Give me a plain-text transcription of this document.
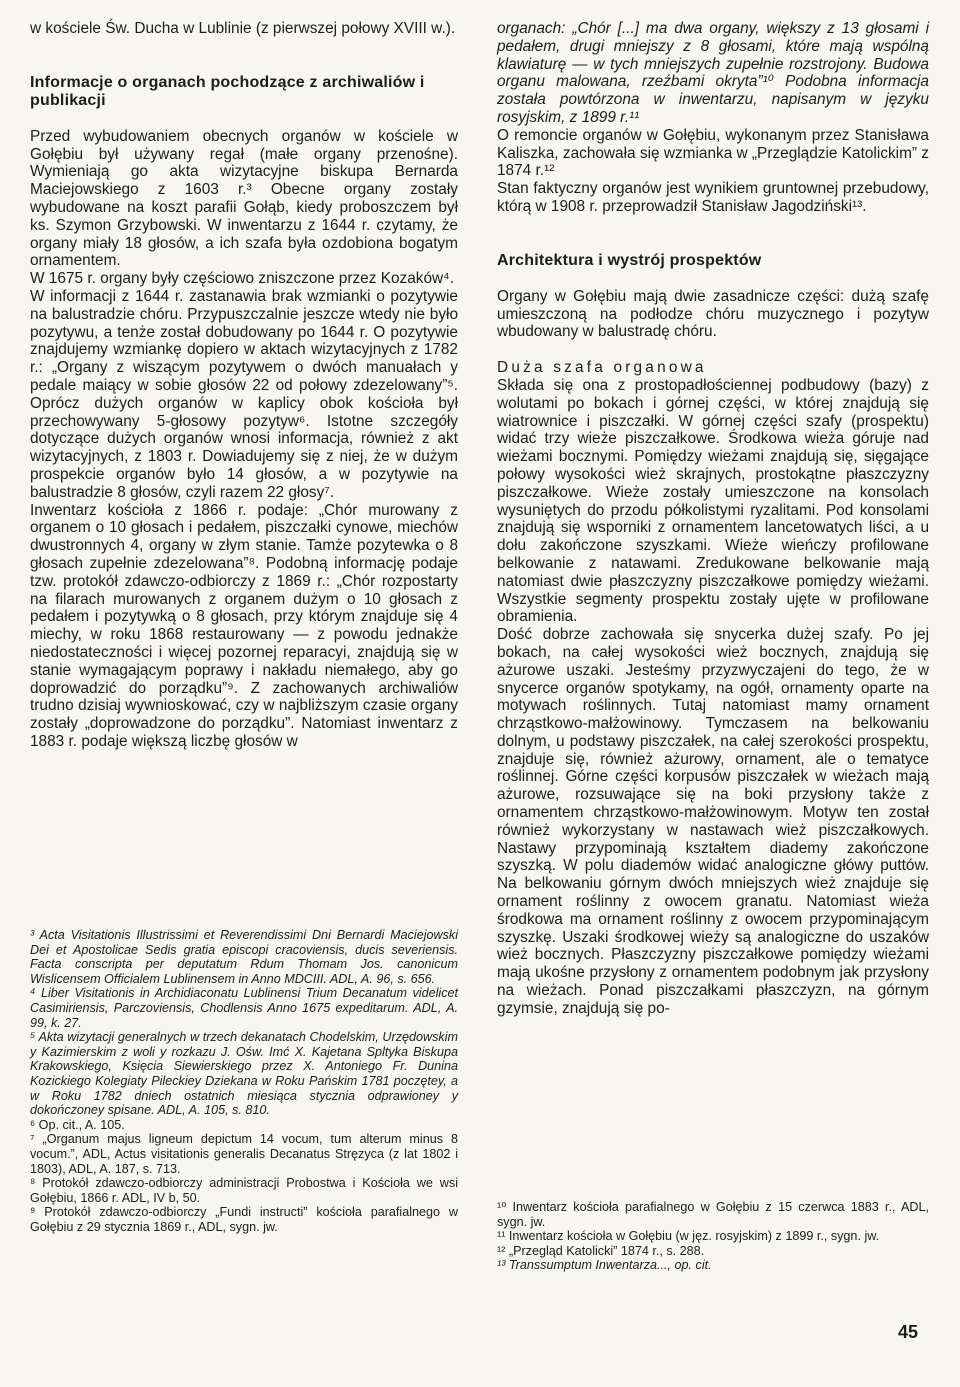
w kościele Św. Ducha w Lublinie (z pierwszej połowy XVIII w.).

Informacje o organach pochodzące z archiwaliów i publikacji

Przed wybudowaniem obecnych organów w kościele w Gołębiu był używany regał (małe organy przenośne). Wymieniają go akta wizytacyjne biskupa Bernarda Maciejowskiego z 1603 r.³ Obecne organy zostały wybudowane na koszt parafii Gołąb, kiedy proboszczem był ks. Szymon Grzybowski. W inwentarzu z 1644 r. czytamy, że organy miały 18 głosów, a ich szafa była ozdobiona bogatym ornamentem.

W 1675 r. organy były częściowo zniszczone przez Kozaków⁴.

W informacji z 1644 r. zastanawia brak wzmianki o pozytywie na balustradzie chóru. Przypuszczalnie jeszcze wtedy nie było pozytywu, a tenże został dobudowany po 1644 r. O pozytywie znajdujemy wzmiankę dopiero w aktach wizytacyjnych z 1782 r.: „Organy z wiszącym pozytywem o dwóch manuałach y pedale maiący w sobie głosów 22 od połowy zdezelowany”⁵. Oprócz dużych organów w kaplicy obok kościoła był przechowywany 5-głosowy pozytyw⁶. Istotne szczegóły dotyczące dużych organów wnosi informacja, również z akt wizytacyjnych, z 1803 r. Dowiadujemy się z niej, że w dużym prospekcie organów było 14 głosów, a w pozytywie na balustradzie 8 głosów, czyli razem 22 głosy⁷.

Inwentarz kościoła z 1866 r. podaje: „Chór murowany z organem o 10 głosach i pedałem, piszczałki cynowe, miechów dwustronnych 4, organy w złym stanie. Tamże pozytewka o 8 głosach zupełnie zdezelowana”⁸. Podobną informację podaje tzw. protokół zdawczo-odbiorczy z 1869 r.: „Chór rozpostarty na filarach murowanych z organem dużym o 10 głosach z pedałem i pozytywką o 8 głosach, przy którym znajduje się 4 miechy, w roku 1868 restaurowany — z powodu jednakże niedostateczności i więcej pozornej reparacyi, znajdują się w stanie wymagającym poprawy i nakładu niemałego, aby go doprowadzić do porządku”⁹. Z zachowanych archiwaliów trudno dzisiaj wywnioskować, czy w najbliższym czasie organy zostały „doprowadzone do porządku”. Natomiast inwentarz z 1883 r. podaje większą liczbę głosów w

³ Acta Visitationis Illustrissimi et Reverendissimi Dni Bernardi Maciejowski Dei et Apostolicae Sedis gratia episcopi cracoviensis, ducis severiensis. Facta conscripta per deputatum Rdum Thomam Jos. canonicum Wislicensem Officialem Lublinensem in Anno MDCIII. ADL, A. 96, s. 656.

⁴ Liber Visitationis in Archidiaconatu Lublinensi Trium Decanatum videlicet Casimiriensis, Parczoviensis, Chodlensis Anno 1675 expeditarum. ADL, A. 99, k. 27.

⁵ Akta wizytacji generalnych w trzech dekanatach Chodelskim, Urzędowskim y Kazimierskim z woli y rozkazu J. Ośw. Imć X. Kajetana Spltyka Biskupa Krakowskiego, Księcia Siewierskiego przez X. Antoniego Fr. Dunina Kozickiego Kolegiaty Pileckiey Dziekana w Roku Pańskim 1781 poczętey, a w Roku 1782 dniech ostatnich miesiąca stycznia odprawioney y dokończoney spisane. ADL, A. 105, s. 810.

⁶ Op. cit., A. 105.

⁷ „Organum majus ligneum depictum 14 vocum, tum alterum minus 8 vocum.”, ADL, Actus visitationis generalis Decanatus Stręzyca (z lat 1802 i 1803), ADL, A. 187, s. 713.

⁸ Protokół zdawczo-odbiorczy administracji Probostwa i Kościoła we wsi Gołębiu, 1866 r. ADL, IV b, 50.

⁹ Protokół zdawczo-odbiorczy „Fundi instructi” kościoła parafialnego w Gołębiu z 29 stycznia 1869 r., ADL, sygn. jw.

organach: „Chór [...] ma dwa organy, większy z 13 głosami i pedałem, drugi mniejszy z 8 głosami, które mają wspólną klawiaturę — w tych mniejszych zupełnie rozstrojony. Budowa organu malowana, rzeźbami okryta”¹⁰ Podobna informacja została powtórzona w inwentarzu, napisanym w języku rosyjskim, z 1899 r.¹¹

O remoncie organów w Gołębiu, wykonanym przez Stanisława Kaliszka, zachowała się wzmianka w „Przeglądzie Katolickim” z 1874 r.¹²

Stan faktyczny organów jest wynikiem gruntownej przebudowy, którą w 1908 r. przeprowadził Stanisław Jagodziński¹³.

Architektura i wystrój prospektów

Organy w Gołębiu mają dwie zasadnicze części: dużą szafę umieszczoną na podłodze chóru muzycznego i pozytyw wbudowany w balustradę chóru.

Duża szafa organowa

Składa się ona z prostopadłościennej podbudowy (bazy) z wolutami po bokach i górnej części, w której znajdują się wiatrownice i piszczałki. W górnej części szafy (prospektu) widać trzy wieże piszczałkowe. Środkowa wieża góruje nad wieżami bocznymi. Pomiędzy wieżami znajdują się, sięgające połowy wysokości wież skrajnych, prostokątne płaszczyzny piszczałkowe. Wieże zostały umieszczone na konsolach wysuniętych do przodu półkolistymi ryzalitami. Pod konsolami znajdują się wsporniki z ornamentem lancetowatych liści, a u dołu zakończone szyszkami. Wieże wieńczy profilowane belkowanie z natawami. Zredukowane belkowanie mają natomiast dwie płaszczyzny piszczałkowe pomiędzy wieżami. Wszystkie segmenty prospektu zostały ujęte w profilowane obramienia.

Dość dobrze zachowała się snycerka dużej szafy. Po jej bokach, na całej wysokości wież bocznych, znajdują się ażurowe uszaki. Jesteśmy przyzwyczajeni do tego, że w snycerce organów spotykamy, na ogół, ornamenty oparte na motywach roślinnych. Tutaj natomiast mamy ornament chrząstkowo-małżowinowy. Tymczasem na belkowaniu dolnym, u podstawy piszczałek, na całej szerokości prospektu, znajduje się, również ażurowy, ornament, ale o tematyce roślinnej. Górne części korpusów piszczałek w wieżach mają ażurowe, rozsuwające się na boki przysłony także z ornamentem chrząstkowo-małżowinowym. Motyw ten został również wykorzystany w nastawach wież piszczałkowych. Nastawy przypominają kształtem diademy zakończone szyszką. W polu diademów widać analogiczne główy puttów. Na belkowaniu górnym dwóch mniejszych wież znajduje się ornament roślinny z owocem granatu. Natomiast wieża środkowa ma ornament roślinny z owocem przypominającym szyszkę. Uszaki środkowej wieży są analogiczne do uszaków wież bocznych. Płaszczyzny piszczałkowe pomiędzy wieżami mają ukośne przysłony z ornamentem podobnym jak przysłony na wieżach. Ponad piszczałkami płaszczyzn, na górnym gzymsie, znajdują się po-

¹⁰ Inwentarz kościoła parafialnego w Gołębiu z 15 czerwca 1883 r., ADL, sygn. jw.

¹¹ Inwentarz kościoła w Gołębiu (w jęz. rosyjskim) z 1899 r., sygn. jw.

¹² „Przegląd Katolicki” 1874 r., s. 288.

¹³ Transsumptum Inwentarza..., op. cit.

45
